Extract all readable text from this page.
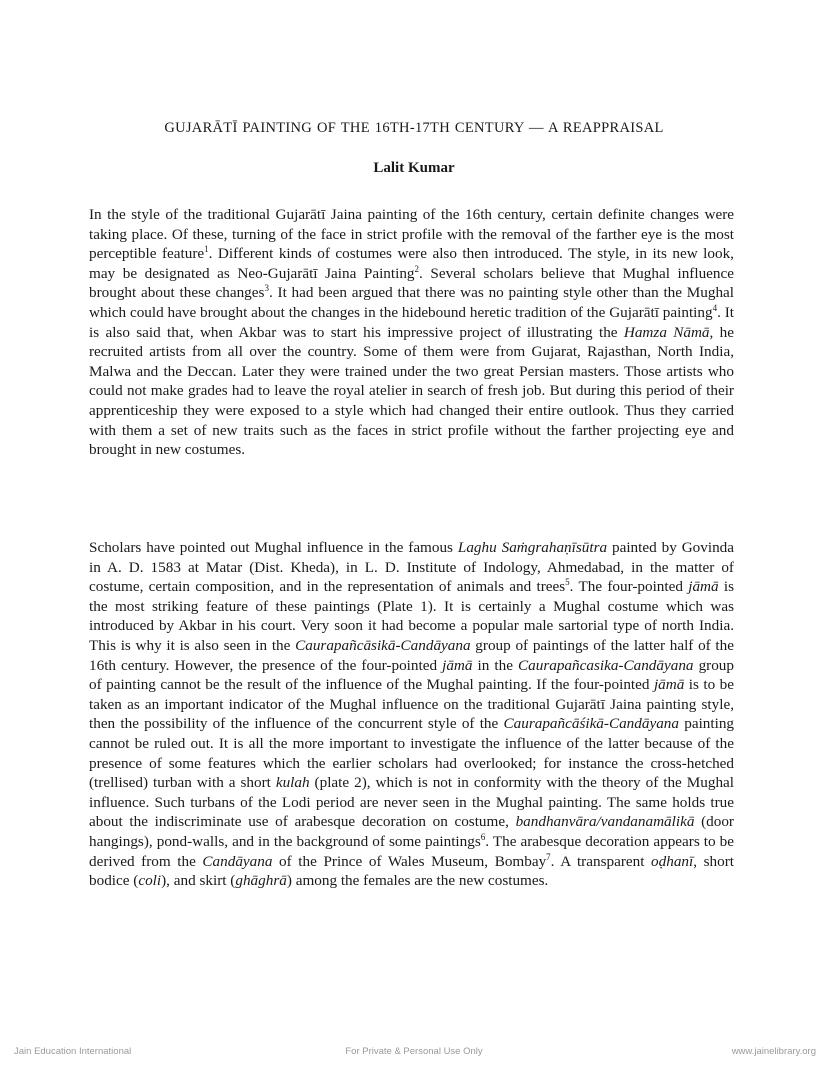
GUJARĀTĪ PAINTING OF THE 16TH-17TH CENTURY — A REAPPRAISAL
Lalit Kumar

In the style of the traditional Gujarātī Jaina painting of the 16th century, certain definite changes were taking place. Of these, turning of the face in strict profile with the removal of the farther eye is the most perceptible feature$^1$. Different kinds of costumes were also then introduced. The style, in its new look, may be designated as Neo-Gujarātī Jaina Painting$^2$. Several scholars believe that Mughal influence brought about these changes$^3$. It had been argued that there was no painting style other than the Mughal which could have brought about the changes in the hidebound heretic tradition of the Gujarātī painting$^4$. It is also said that, when Akbar was to start his impressive project of illustrating the Hamza Nāmā, he recruited artists from all over the country. Some of them were from Gujarat, Rajasthan, North India, Malwa and the Deccan. Later they were trained under the two great Persian masters. Those artists who could not make grades had to leave the royal atelier in search of fresh job. But during this period of their apprenticeship they were exposed to a style which had changed their entire outlook. Thus they carried with them a set of new traits such as the faces in strict profile without the farther projecting eye and brought in new costumes.

Scholars have pointed out Mughal influence in the famous Laghu Saṁgrahaṇīsūtra painted by Govinda in A. D. 1583 at Matar (Dist. Kheda), in L. D. Institute of Indology, Ahmedabad, in the matter of costume, certain composition, and in the representation of animals and trees$^5$. The four-pointed jāmā is the most striking feature of these paintings (Plate 1). It is certainly a Mughal costume which was introduced by Akbar in his court. Very soon it had become a popular male sartorial type of north India. This is why it is also seen in the Caurapañcāsikā-Candāyana group of paintings of the latter half of the 16th century. However, the presence of the four-pointed jāmā in the Caurapañcasika-Candāyana group of painting cannot be the result of the influence of the Mughal painting. If the four-pointed jāmā is to be taken as an important indicator of the Mughal influence on the traditional Gujarātī Jaina painting style, then the possibility of the influence of the concurrent style of the Caurapañcāśikā-Candāyana painting cannot be ruled out. It is all the more important to investigate the influence of the latter because of the presence of some features which the earlier scholars had overlooked; for instance the cross-hetched (trellised) turban with a short kulah (plate 2), which is not in conformity with the theory of the Mughal influence. Such turbans of the Lodi period are never seen in the Mughal painting. The same holds true about the indiscriminate use of arabesque decoration on costume, bandhanvāra/vandanamālikā (door hangings), pond-walls, and in the background of some paintings$^6$. The arabesque decoration appears to be derived from the Candāyana of the Prince of Wales Museum, Bombay$^7$. A transparent oḍhanī, short bodice (coli), and skirt (ghāghrā) among the females are the new costumes.

Jain Education International	For Private & Personal Use Only	www.jainelibrary.org
